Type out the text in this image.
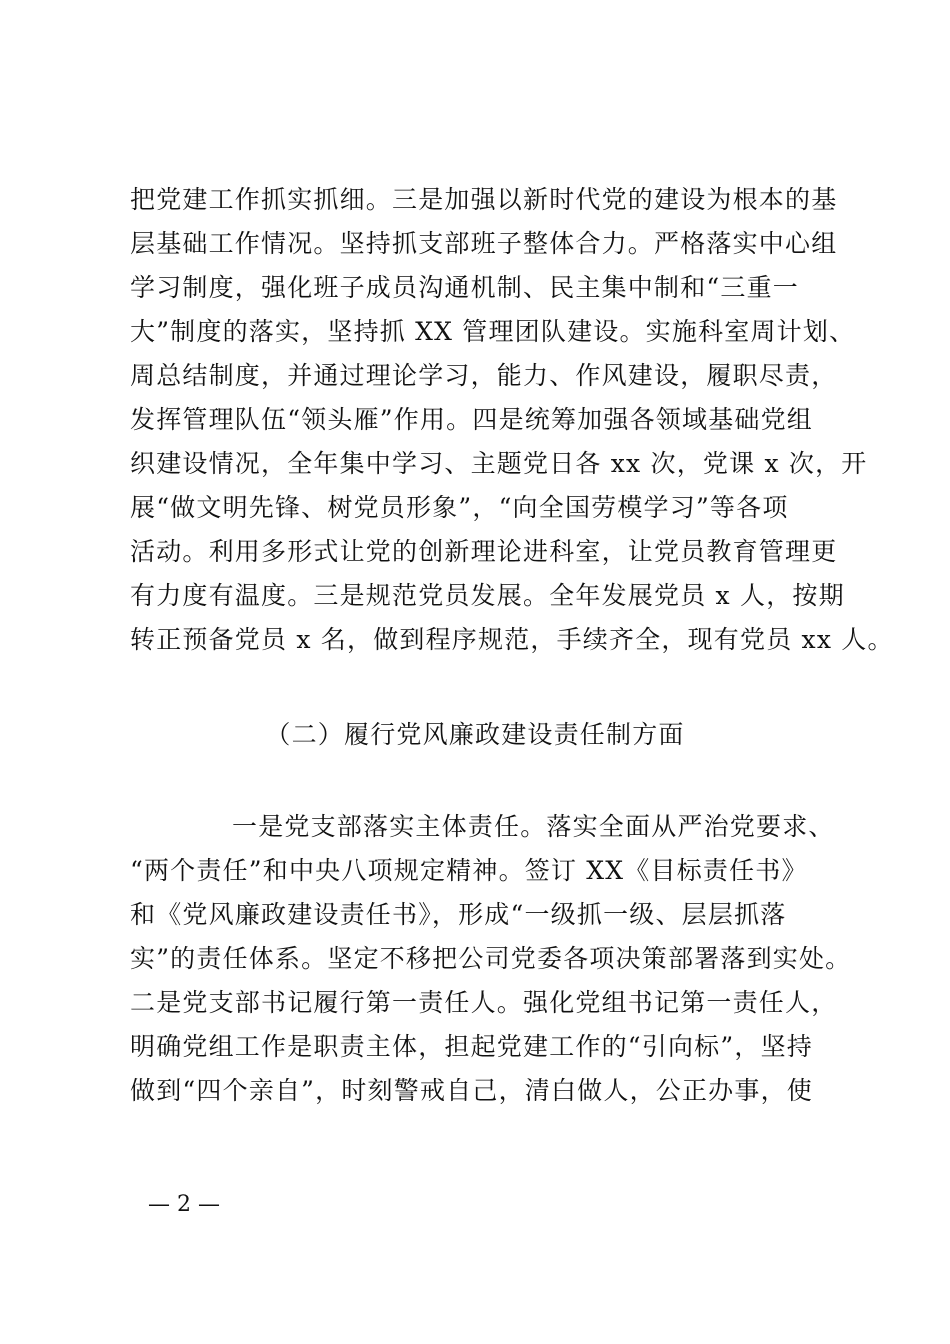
把党建工作抓实抓细。三是加强以新时代党的建设为根本的基
层基础工作情况。坚持抓支部班子整体合力。严格落实中心组
学习制度，强化班子成员沟通机制、民主集中制和“三重一
大”制度的落实，坚持抓 XX 管理团队建设。实施科室周计划、
周总结制度，并通过理论学习，能力、作风建设，履职尽责，
发挥管理队伍“领头雁”作用。四是统筹加强各领域基础党组
织建设情况，全年集中学习、主题党日各 xx 次，党课 x 次，开
展“做文明先锋、树党员形象”，“向全国劳模学习”等各项
活动。利用多形式让党的创新理论进科室，让党员教育管理更
有力度有温度。三是规范党员发展。全年发展党员 x 人，按期
转正预备党员 x 名，做到程序规范，手续齐全，现有党员 xx 人。
（二）履行党风廉政建设责任制方面
一是党支部落实主体责任。落实全面从严治党要求、
“两个责任”和中央八项规定精神。签订 XX《目标责任书》
和《党风廉政建设责任书》，形成“一级抓一级、层层抓落
实”的责任体系。坚定不移把公司党委各项决策部署落到实处。
二是党支部书记履行第一责任人。强化党组书记第一责任人，
明确党组工作是职责主体，担起党建工作的“引向标”，坚持
做到“四个亲自”，时刻警戒自己，清白做人，公正办事，使
— 2 —
